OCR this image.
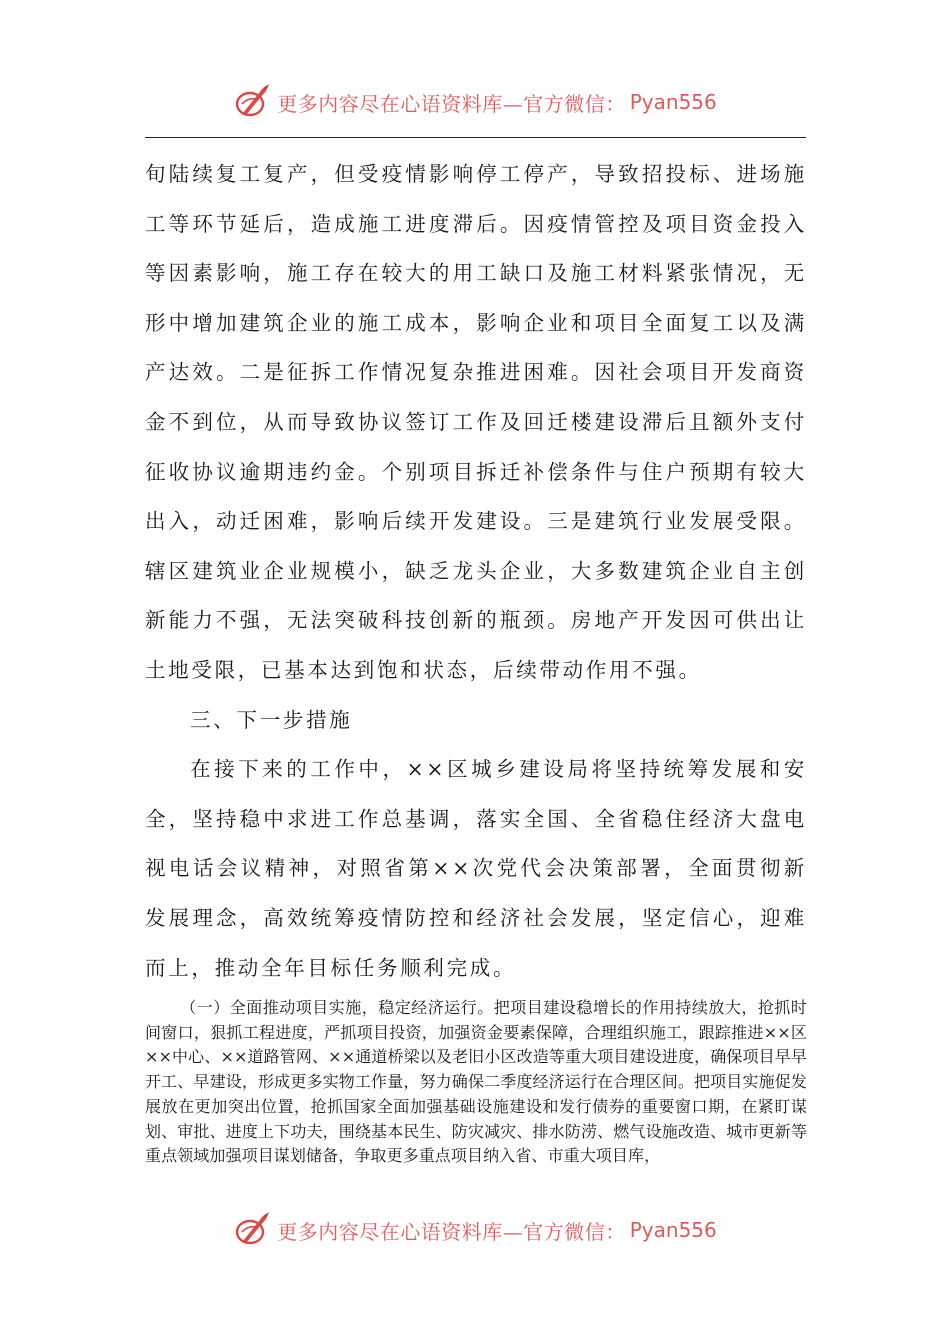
更多内容尽在心语资料库—官方微信： Pyan556

旬陆续复工复产，但受疫情影响停工停产，导致招投标、进场施工等环节延后，造成施工进度滞后。因疫情管控及项目资金投入等因素影响，施工存在较大的用工缺口及施工材料紧张情况，无形中增加建筑企业的施工成本，影响企业和项目全面复工以及满产达效。二是征拆工作情况复杂推进困难。因社会项目开发商资金不到位，从而导致协议签订工作及回迁楼建设滞后且额外支付征收协议逾期违约金。个别项目拆迁补偿条件与住户预期有较大出入，动迁困难，影响后续开发建设。三是建筑行业发展受限。辖区建筑业企业规模小，缺乏龙头企业，大多数建筑企业自主创新能力不强，无法突破科技创新的瓶颈。房地产开发因可供出让土地受限，已基本达到饱和状态，后续带动作用不强。

三、下一步措施

在接下来的工作中，××区城乡建设局将坚持统筹发展和安全，坚持稳中求进工作总基调，落实全国、全省稳住经济大盘电视电话会议精神，对照省第××次党代会决策部署，全面贯彻新发展理念，高效统筹疫情防控和经济社会发展，坚定信心，迎难而上，推动全年目标任务顺利完成。

（一）全面推动项目实施，稳定经济运行。把项目建设稳增长的作用持续放大，抢抓时间窗口，狠抓工程进度，严抓项目投资，加强资金要素保障，合理组织施工，跟踪推进××区××中心、××道路管网、××通道桥梁以及老旧小区改造等重大项目建设进度，确保项目早早开工、早建设，形成更多实物工作量，努力确保二季度经济运行在合理区间。把项目实施促发展放在更加突出位置，抢抓国家全面加强基础设施建设和发行债券的重要窗口期，在紧盯谋划、审批、进度上下功夫，围绕基本民生、防灾减灾、排水防涝、燃气设施改造、城市更新等重点领域加强项目谋划储备，争取更多重点项目纳入省、市重大项目库，

更多内容尽在心语资料库—官方微信： Pyan556
